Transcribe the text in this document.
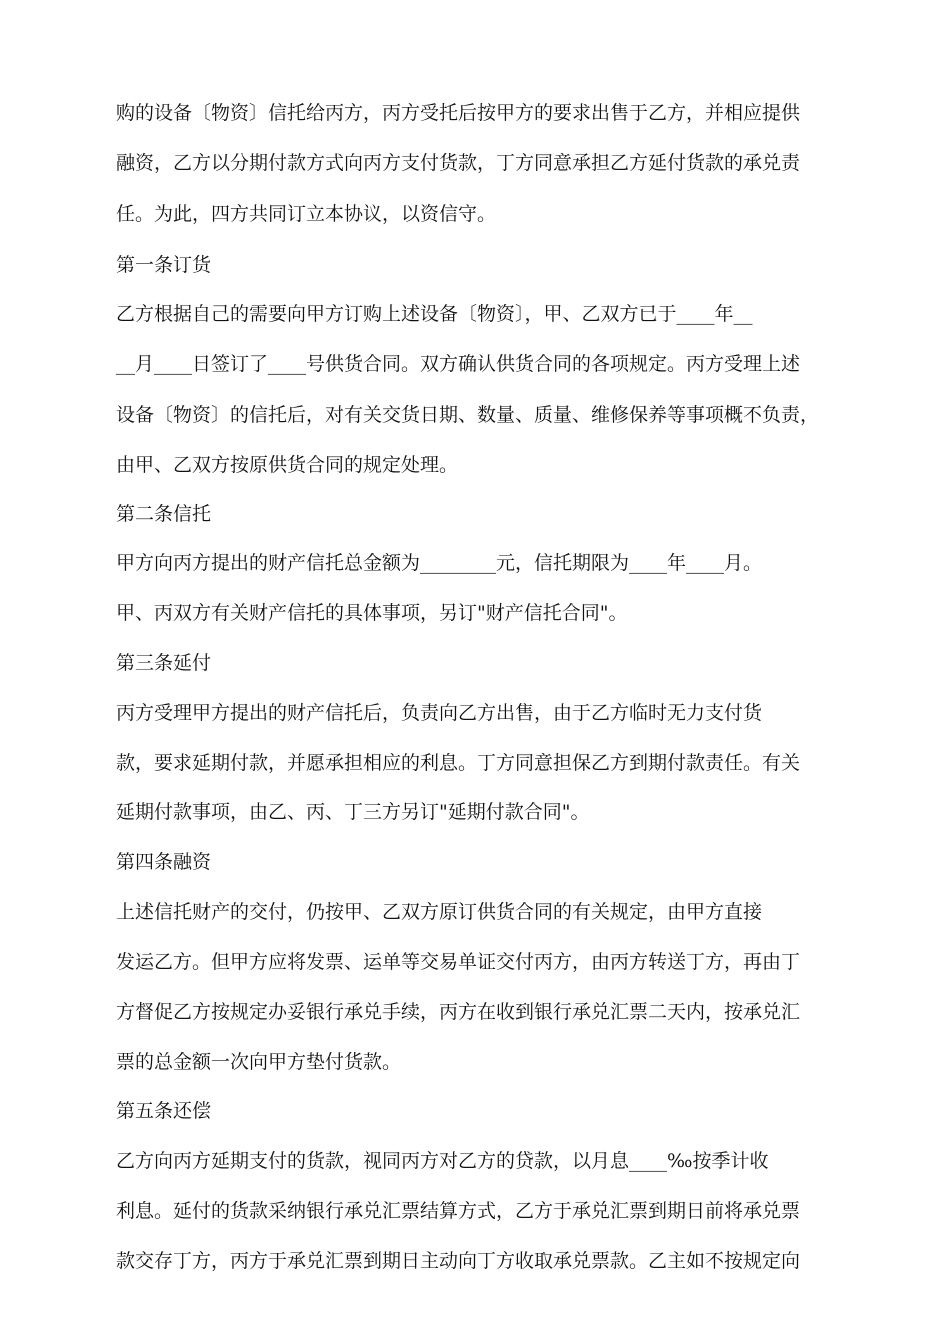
购的设备〔物资〕信托给丙方，丙方受托后按甲方的要求出售于乙方，并相应提供
融资，乙方以分期付款方式向丙方支付货款，丁方同意承担乙方延付货款的承兑责
任。为此，四方共同订立本协议，以资信守。
第一条订货
乙方根据自己的需要向甲方订购上述设备〔物资〕，甲、乙双方已于____年__
__月____日签订了____号供货合同。双方确认供货合同的各项规定。丙方受理上述
设备〔物资〕的信托后，对有关交货日期、数量、质量、维修保养等事项概不负责，
由甲、乙双方按原供货合同的规定处理。
第二条信托
甲方向丙方提出的财产信托总金额为________元，信托期限为____年____月。
甲、丙双方有关财产信托的具体事项，另订"财产信托合同"。
第三条延付
丙方受理甲方提出的财产信托后，负责向乙方出售，由于乙方临时无力支付货
款，要求延期付款，并愿承担相应的利息。丁方同意担保乙方到期付款责任。有关
延期付款事项，由乙、丙、丁三方另订"延期付款合同"。
第四条融资
上述信托财产的交付，仍按甲、乙双方原订供货合同的有关规定，由甲方直接
发运乙方。但甲方应将发票、运单等交易单证交付丙方，由丙方转送丁方，再由丁
方督促乙方按规定办妥银行承兑手续，丙方在收到银行承兑汇票二天内，按承兑汇
票的总金额一次向甲方垫付货款。
第五条还偿
乙方向丙方延期支付的货款，视同丙方对乙方的贷款，以月息____‰按季计收
利息。延付的货款采纳银行承兑汇票结算方式，乙方于承兑汇票到期日前将承兑票
款交存丁方，丙方于承兑汇票到期日主动向丁方收取承兑票款。乙主如不按规定向
